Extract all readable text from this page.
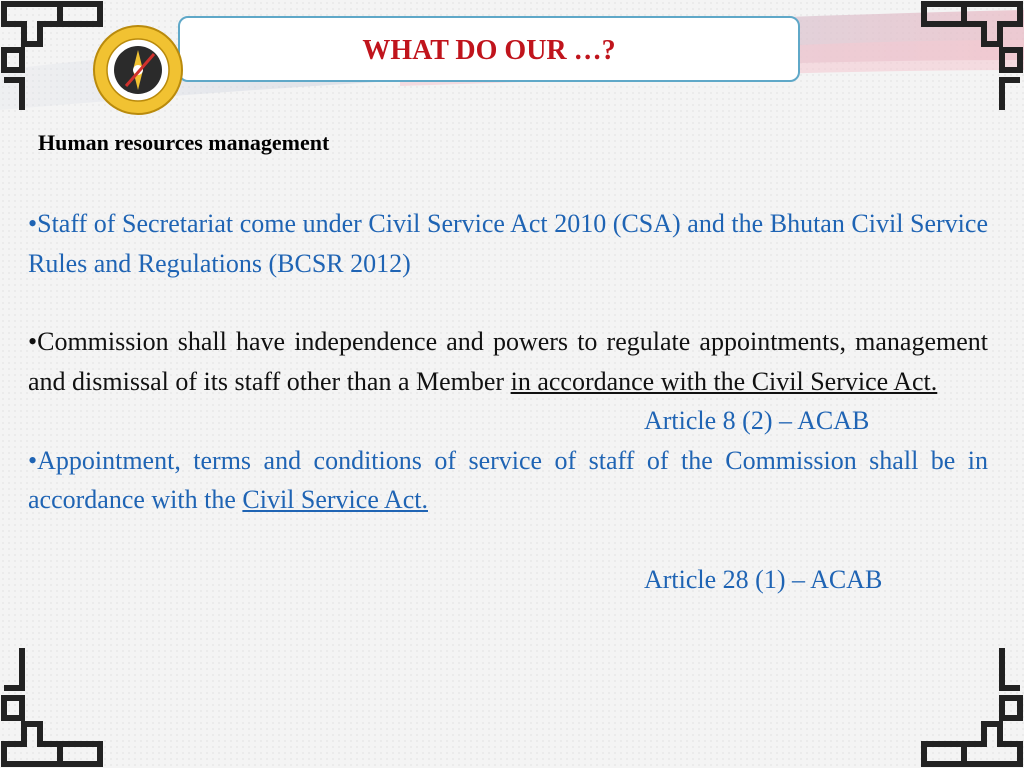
WHAT DO OUR …?
Human resources management

•Staff of Secretariat come under Civil Service Act 2010 (CSA) and the Bhutan Civil Service Rules and Regulations (BCSR 2012)

•Commission shall have independence and powers to regulate appointments, management and dismissal of its staff other than a Member in accordance with the Civil Service Act.

Article 8 (2) – ACAB

•Appointment, terms and conditions of service of staff of the Commission shall be in accordance with the Civil Service Act.

Article 28 (1) – ACAB
